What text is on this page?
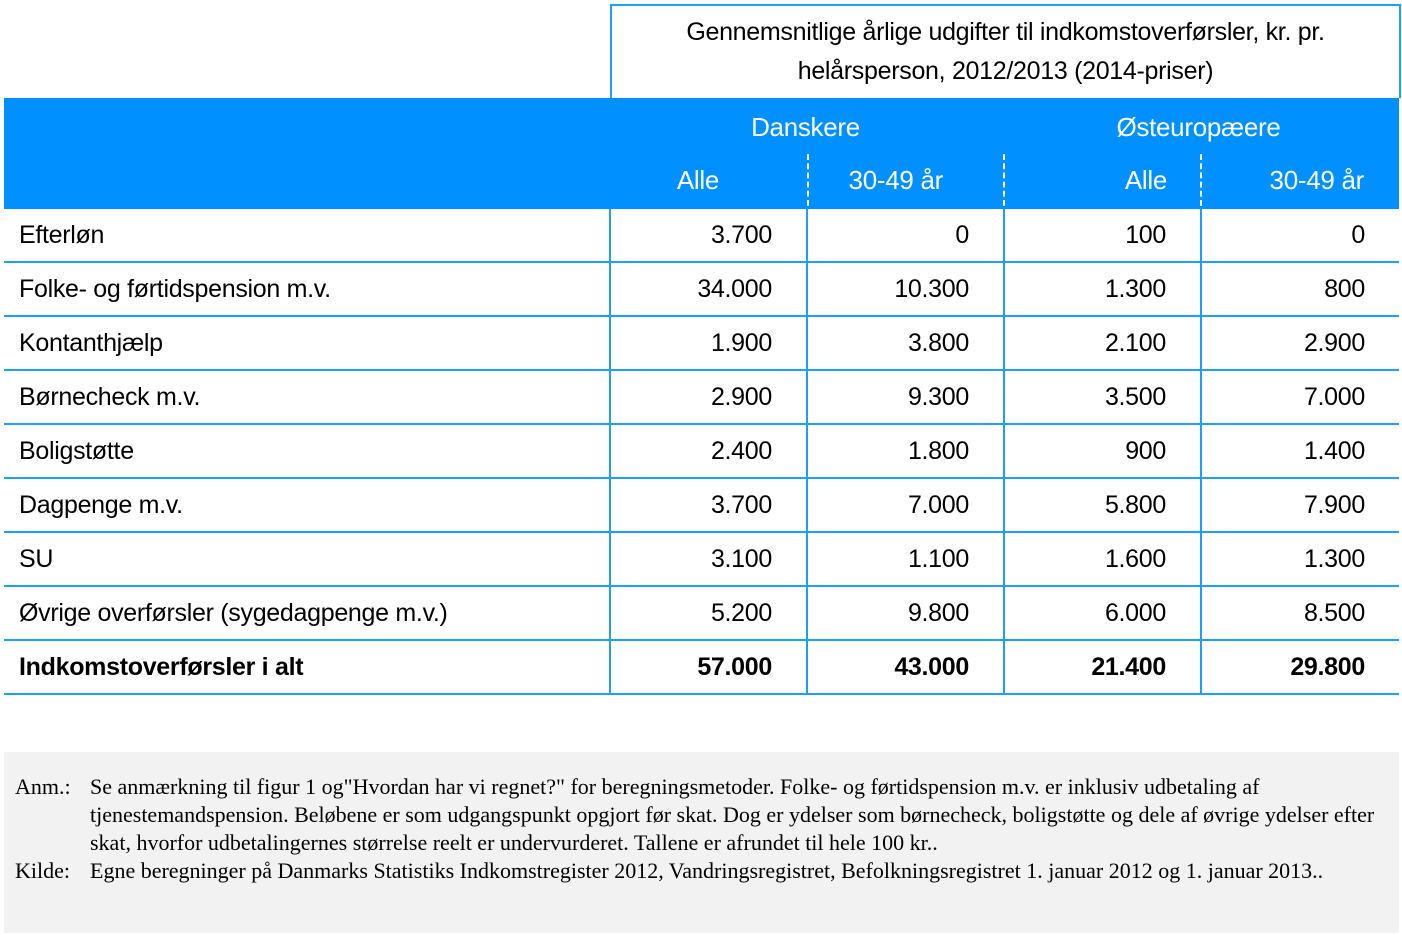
Gennemsnitlige årlige udgifter til indkomstoverførsler, kr. pr. helårsperson, 2012/2013 (2014-priser)
Danskere	Østeuropæere
Alle	30-49 år	Alle	30-49 år
Efterløn	3.700	0	100	0
Folke- og førtidspension m.v.	34.000	10.300	1.300	800
Kontanthjælp	1.900	3.800	2.100	2.900
Børnecheck m.v.	2.900	9.300	3.500	7.000
Boligstøtte	2.400	1.800	900	1.400
Dagpenge m.v.	3.700	7.000	5.800	7.900
SU	3.100	1.100	1.600	1.300
Øvrige overførsler (sygedagpenge m.v.)	5.200	9.800	6.000	8.500
Indkomstoverførsler i alt	57.000	43.000	21.400	29.800
Anm.: Se anmærkning til figur 1 og"Hvordan har vi regnet?" for beregningsmetoder. Folke- og førtidspension m.v. er inklusiv udbetaling af tjenestemandspension. Beløbene er som udgangspunkt opgjort før skat. Dog er ydelser som børnecheck, boligstøtte og dele af øvrige ydelser efter skat, hvorfor udbetalingernes størrelse reelt er undervurderet. Tallene er afrundet til hele 100 kr..
Kilde: Egne beregninger på Danmarks Statistiks Indkomstregister 2012, Vandringsregistret, Befolkningsregistret 1. januar 2012 og 1. januar 2013..
